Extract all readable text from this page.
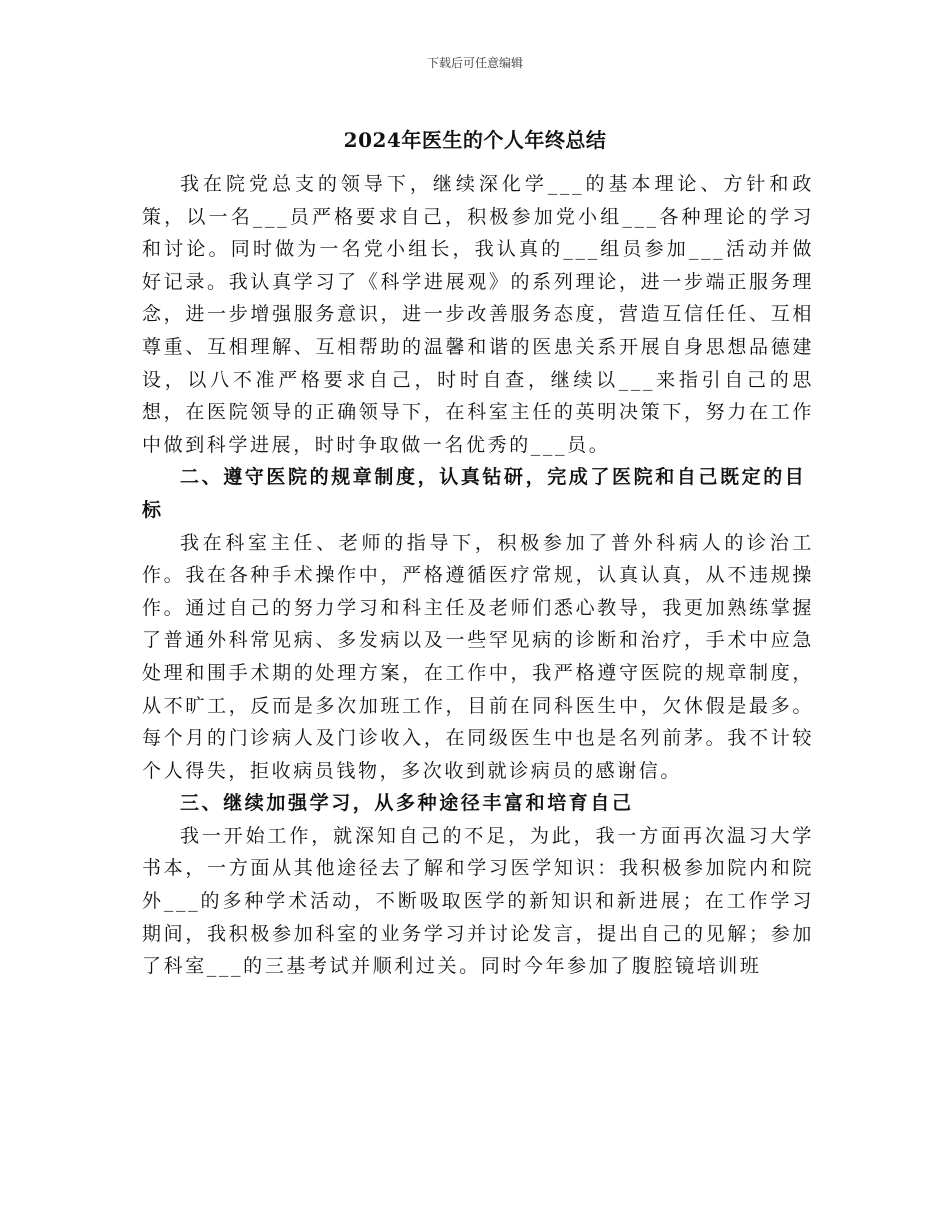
下载后可任意编辑
2024年医生的个人年终总结

我在院党总支的领导下，继续深化学___的基本理论、方针和政策，以一名___员严格要求自己，积极参加党小组___各种理论的学习和讨论。同时做为一名党小组长，我认真的___组员参加___活动并做好记录。我认真学习了《科学进展观》的系列理论，进一步端正服务理念，进一步增强服务意识，进一步改善服务态度，营造互信任任、互相尊重、互相理解、互相帮助的温馨和谐的医患关系开展自身思想品德建设，以八不准严格要求自己，时时自查，继续以___来指引自己的思想，在医院领导的正确领导下，在科室主任的英明决策下，努力在工作中做到科学进展，时时争取做一名优秀的___员。

二、遵守医院的规章制度，认真钻研，完成了医院和自己既定的目标

我在科室主任、老师的指导下，积极参加了普外科病人的诊治工作。我在各种手术操作中，严格遵循医疗常规，认真认真，从不违规操作。通过自己的努力学习和科主任及老师们悉心教导，我更加熟练掌握了普通外科常见病、多发病以及一些罕见病的诊断和治疗，手术中应急处理和围手术期的处理方案，在工作中，我严格遵守医院的规章制度，从不旷工，反而是多次加班工作，目前在同科医生中，欠休假是最多。每个月的门诊病人及门诊收入，在同级医生中也是名列前茅。我不计较个人得失，拒收病员钱物，多次收到就诊病员的感谢信。

三、继续加强学习，从多种途径丰富和培育自己

我一开始工作，就深知自己的不足，为此，我一方面再次温习大学书本，一方面从其他途径去了解和学习医学知识：我积极参加院内和院外___的多种学术活动，不断吸取医学的新知识和新进展；在工作学习期间，我积极参加科室的业务学习并讨论发言，提出自己的见解；参加了科室___的三基考试并顺利过关。同时今年参加了腹腔镜培训班
